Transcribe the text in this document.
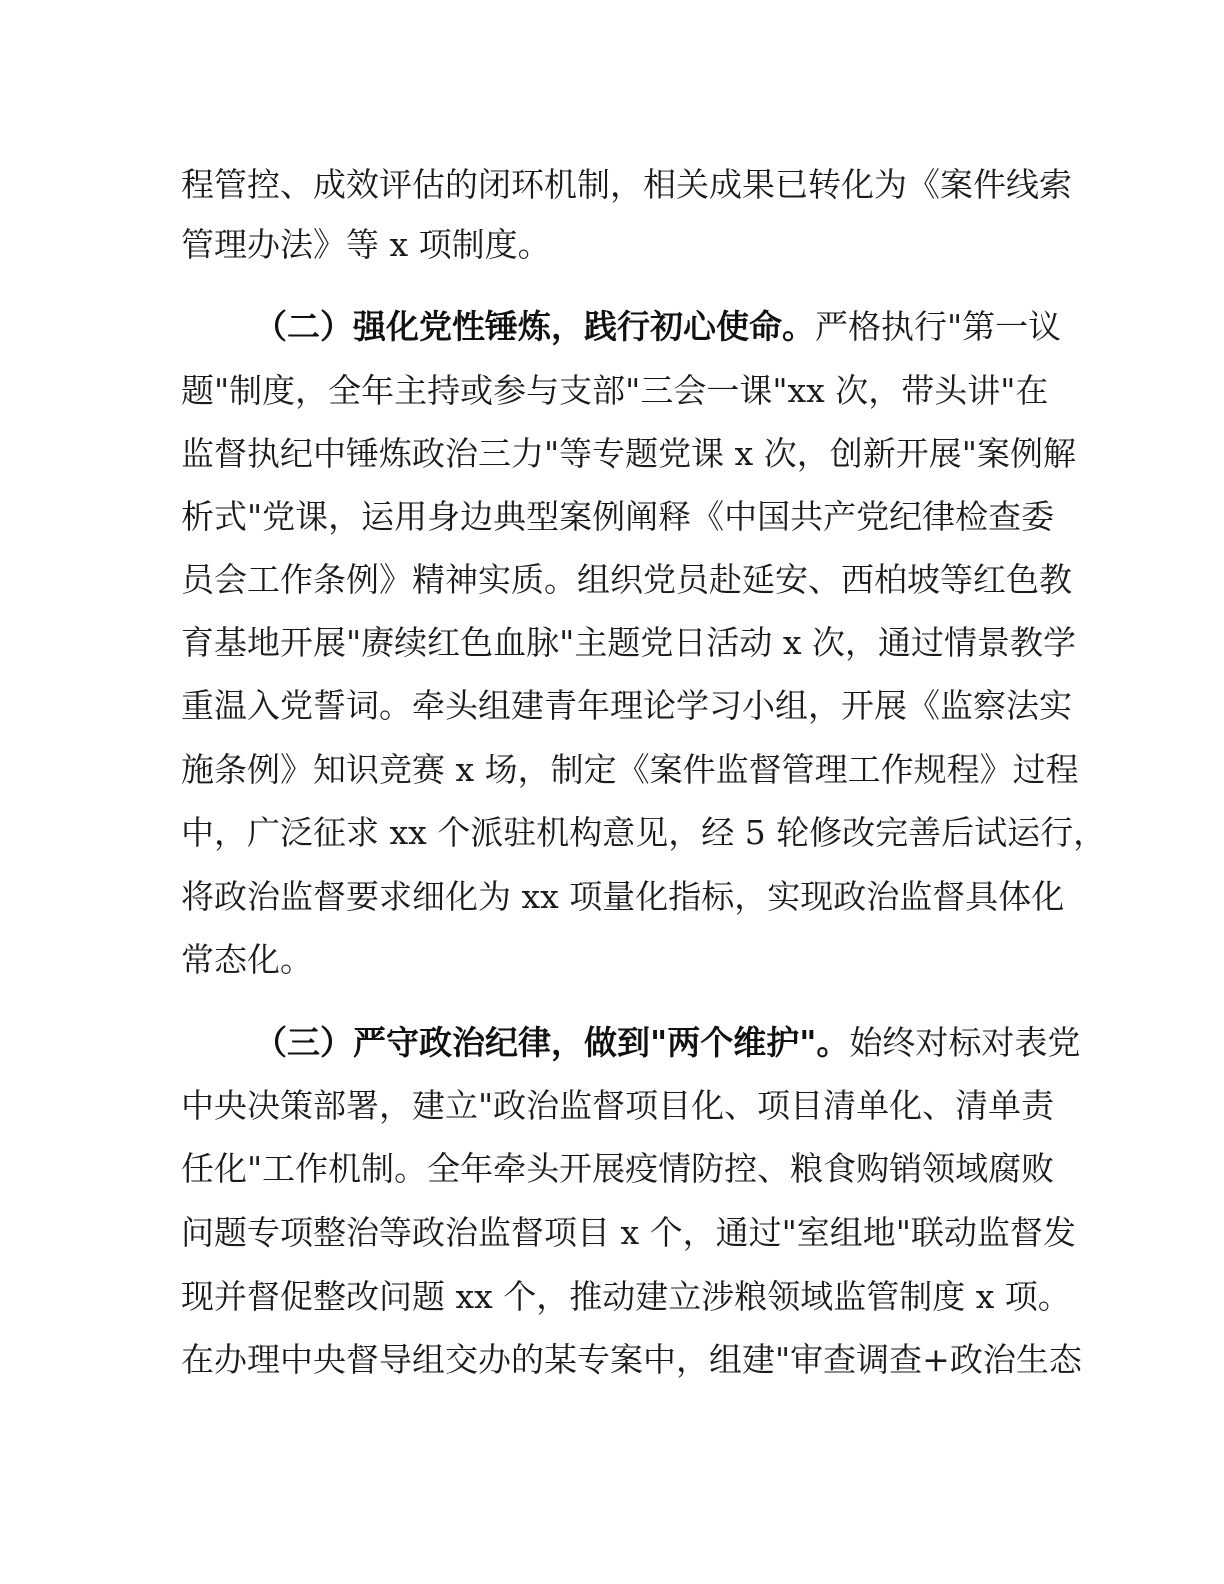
程管控、成效评估的闭环机制，相关成果已转化为《案件线索
管理办法》等 x 项制度。
（二）强化党性锤炼，践行初心使命。严格执行"第一议
题"制度，全年主持或参与支部"三会一课"xx 次，带头讲"在
监督执纪中锤炼政治三力"等专题党课 x 次，创新开展"案例解
析式"党课，运用身边典型案例阐释《中国共产党纪律检查委
员会工作条例》精神实质。组织党员赴延安、西柏坡等红色教
育基地开展"赓续红色血脉"主题党日活动 x 次，通过情景教学
重温入党誓词。牵头组建青年理论学习小组，开展《监察法实
施条例》知识竞赛 x 场，制定《案件监督管理工作规程》过程
中，广泛征求 xx 个派驻机构意见，经 5 轮修改完善后试运行，
将政治监督要求细化为 xx 项量化指标，实现政治监督具体化
常态化。
（三）严守政治纪律，做到"两个维护"。始终对标对表党
中央决策部署，建立"政治监督项目化、项目清单化、清单责
任化"工作机制。全年牵头开展疫情防控、粮食购销领域腐败
问题专项整治等政治监督项目 x 个，通过"室组地"联动监督发
现并督促整改问题 xx 个，推动建立涉粮领域监管制度 x 项。
在办理中央督导组交办的某专案中，组建"审查调查+政治生态
